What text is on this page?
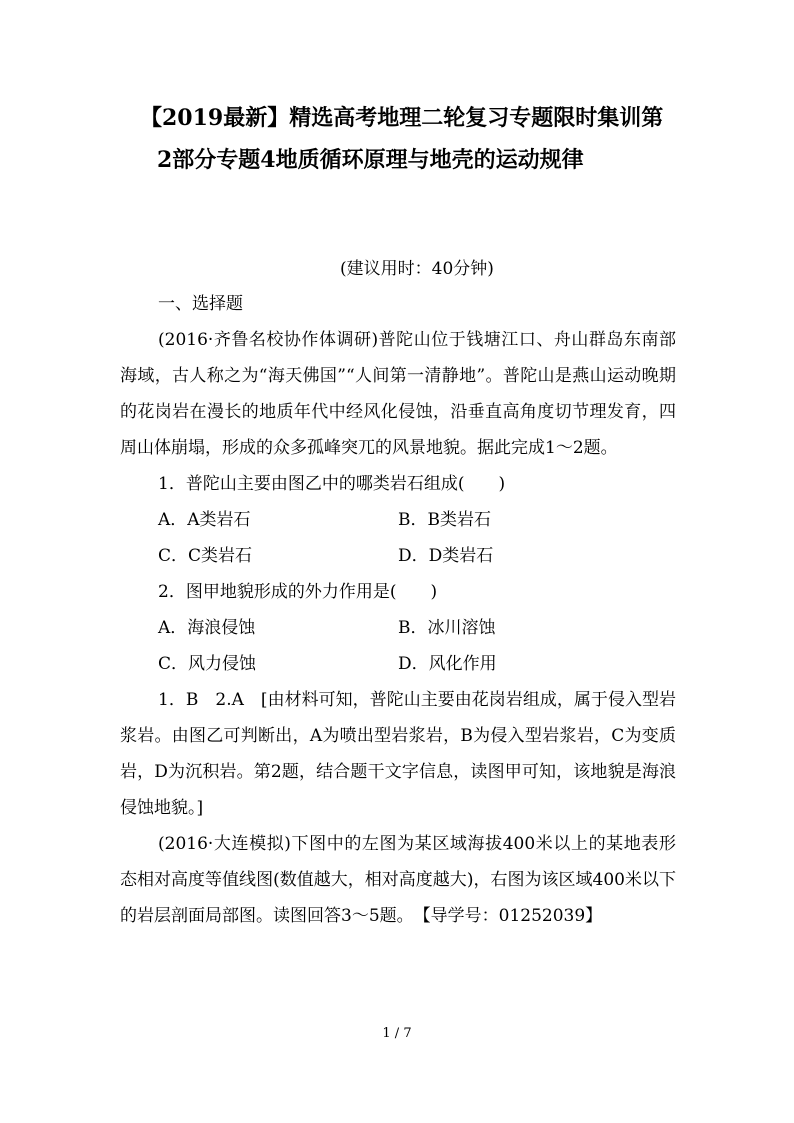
【2019最新】精选高考地理二轮复习专题限时集训第
2部分专题4地质循环原理与地壳的运动规律
(建议用时：40分钟)

一、选择题

(2016·齐鲁名校协作体调研)普陀山位于钱塘江口、舟山群岛东南部海域，古人称之为“海天佛国”“人间第一清静地”。普陀山是燕山运动晚期的花岗岩在漫长的地质年代中经风化侵蚀，沿垂直高角度切节理发育，四周山体崩塌，形成的众多孤峰突兀的风景地貌。据此完成1～2题。

1．普陀山主要由图乙中的哪类岩石组成(　　)

A．A类岩石	B．B类岩石
C．C类岩石	D．D类岩石

2．图甲地貌形成的外力作用是(　　)

A．海浪侵蚀	B．冰川溶蚀
C．风力侵蚀	D．风化作用

1．B　2.A　[由材料可知，普陀山主要由花岗岩组成，属于侵入型岩浆岩。由图乙可判断出，A为喷出型岩浆岩，B为侵入型岩浆岩，C为变质岩，D为沉积岩。第2题，结合题干文字信息，读图甲可知，该地貌是海浪侵蚀地貌。]

(2016·大连模拟)下图中的左图为某区域海拔400米以上的某地表形态相对高度等值线图(数值越大，相对高度越大)，右图为该区域400米以下的岩层剖面局部图。读图回答3～5题。　【导学号：01252039】

1 / 7
